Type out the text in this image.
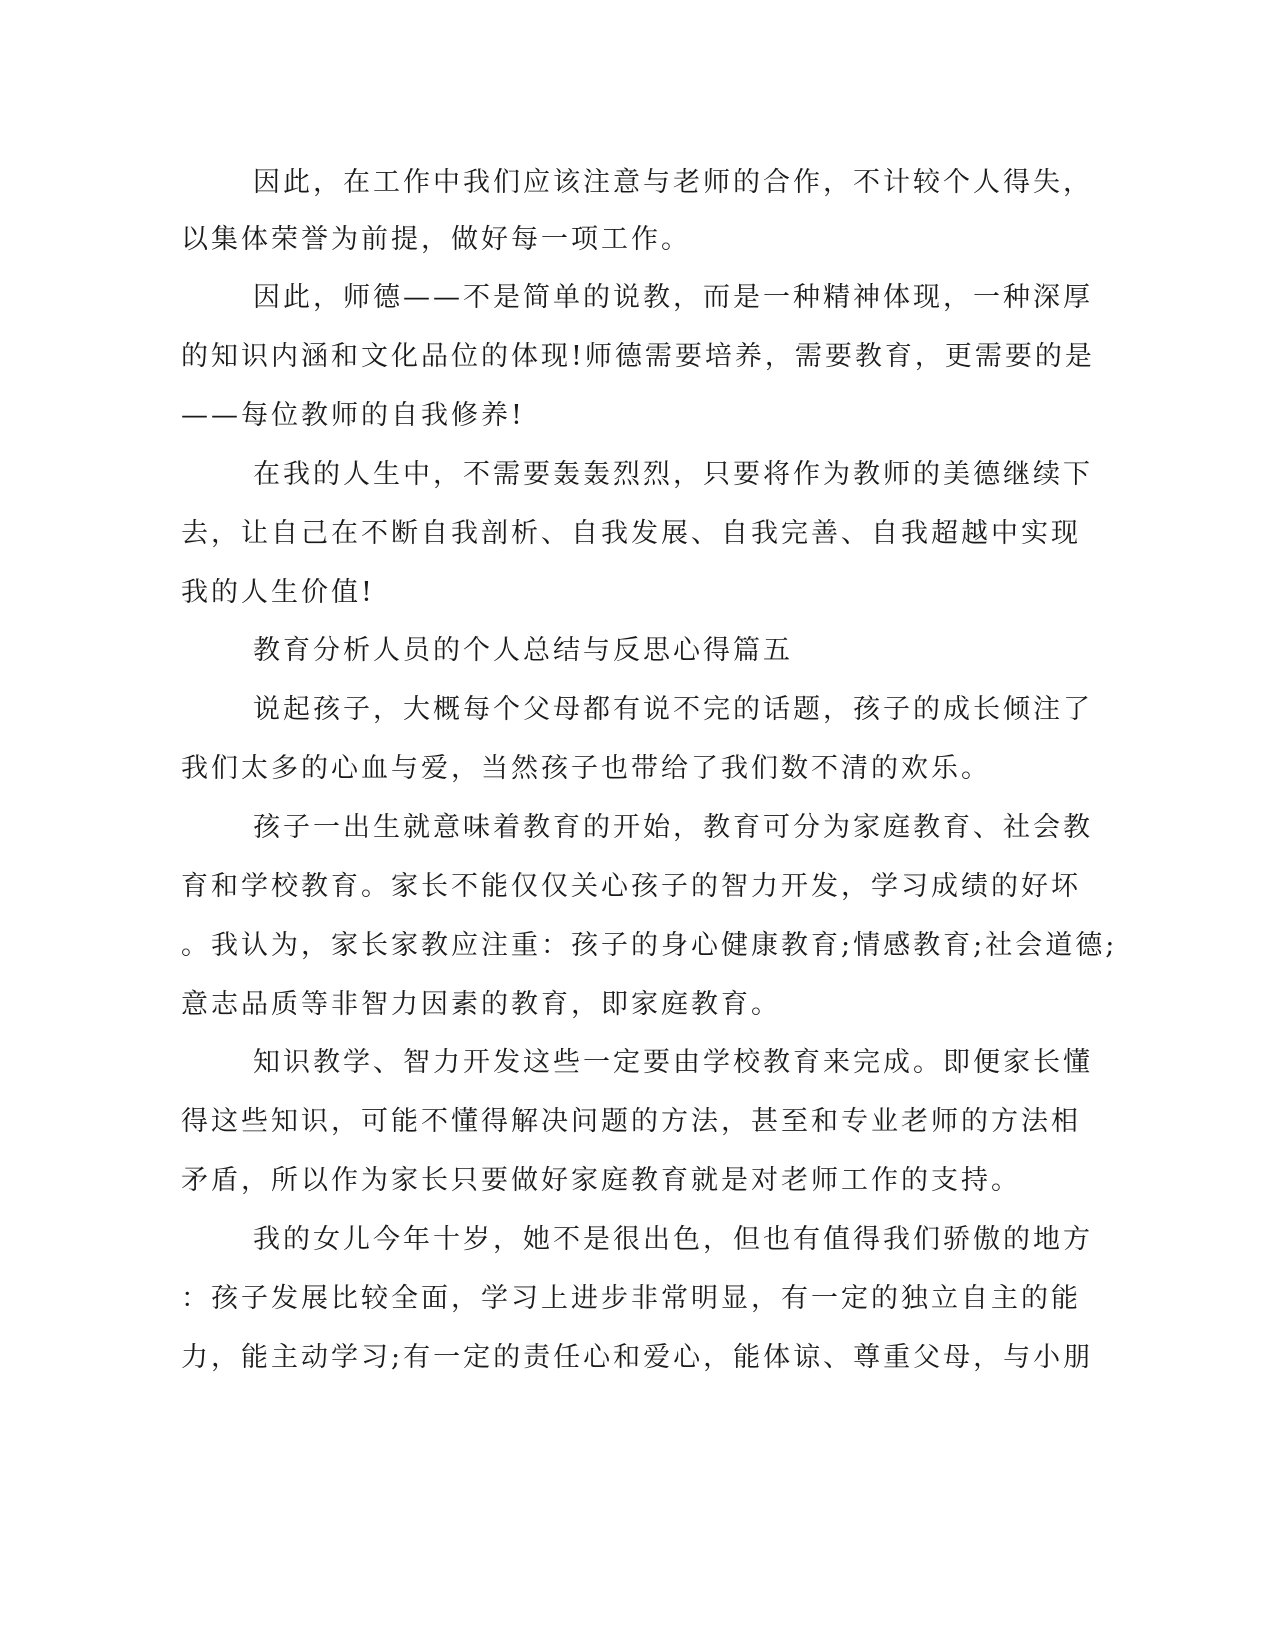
因此，在工作中我们应该注意与老师的合作，不计较个人得失，
以集体荣誉为前提，做好每一项工作。
因此，师德——不是简单的说教，而是一种精神体现，一种深厚
的知识内涵和文化品位的体现!师德需要培养，需要教育，更需要的是
——每位教师的自我修养!
在我的人生中，不需要轰轰烈烈，只要将作为教师的美德继续下
去，让自己在不断自我剖析、自我发展、自我完善、自我超越中实现
我的人生价值!
教育分析人员的个人总结与反思心得篇五
说起孩子，大概每个父母都有说不完的话题，孩子的成长倾注了
我们太多的心血与爱，当然孩子也带给了我们数不清的欢乐。
孩子一出生就意味着教育的开始，教育可分为家庭教育、社会教
育和学校教育。家长不能仅仅关心孩子的智力开发，学习成绩的好坏
。我认为，家长家教应注重：孩子的身心健康教育;情感教育;社会道德;
意志品质等非智力因素的教育，即家庭教育。
知识教学、智力开发这些一定要由学校教育来完成。即便家长懂
得这些知识，可能不懂得解决问题的方法，甚至和专业老师的方法相
矛盾，所以作为家长只要做好家庭教育就是对老师工作的支持。
我的女儿今年十岁，她不是很出色，但也有值得我们骄傲的地方
：孩子发展比较全面，学习上进步非常明显，有一定的独立自主的能
力，能主动学习;有一定的责任心和爱心，能体谅、尊重父母，与小朋
